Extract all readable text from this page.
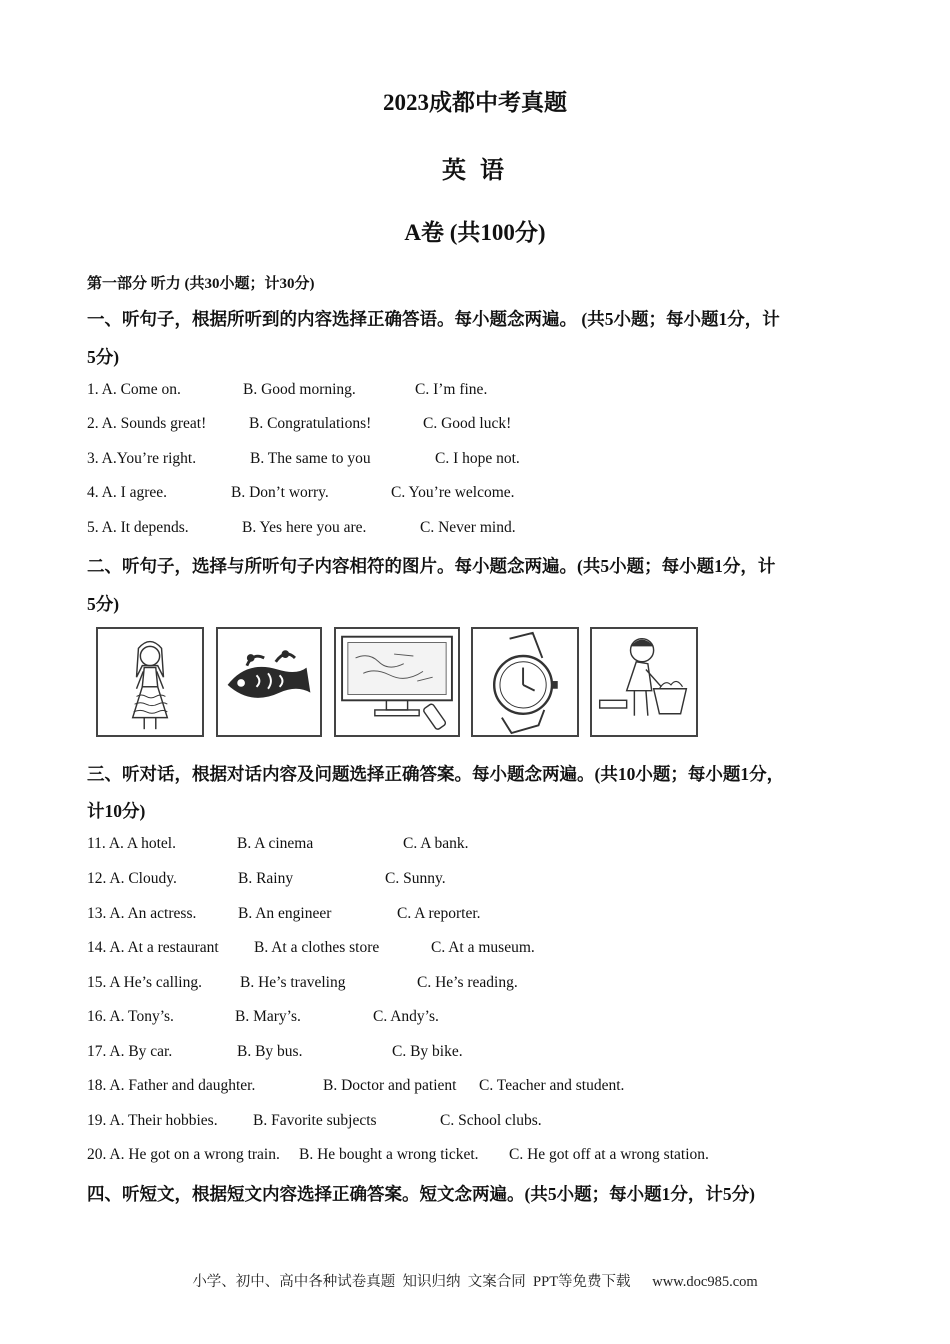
2023成都中考真题
英 语
A卷 (共100分)
第一部分 听力 (共30小题；计30分)
一、听句子，根据所听到的内容选择正确答语。每小题念两遍。 (共5小题；每小题1分，计
5分)
1. A. Come on.	B. Good morning.	C. I’m fine.
2. A. Sounds great!	B. Congratulations!	C. Good luck!
3. A.You’re right.	B. The same to you	C. I hope not.
4. A. I agree.	B. Don’t worry.	C. You’re welcome.
5. A. It depends.	B. Yes here you are.	C. Never mind.
二、听句子，选择与所听句子内容相符的图片。每小题念两遍。(共5小题；每小题1分，计
5分)
三、听对话，根据对话内容及问题选择正确答案。每小题念两遍。(共10小题；每小题1分，
计10分)
11. A. A hotel.	B. A cinema	C. A bank.
12. A. Cloudy.	B. Rainy	C. Sunny.
13. A. An actress.	B. An engineer	C. A reporter.
14. A. At a restaurant B. At a clothes store	C. At a museum.
15. A He’s calling. B. He’s traveling	C. He’s reading.
16. A. Tony’s.	B. Mary’s.	C. Andy’s.
17. A. By car.	B. By bus.	C. By bike.
18. A. Father and daughter.	B. Doctor and patient C. Teacher and student.
19. A. Their hobbies. B. Favorite subjects	C. School clubs.
20. A. He got on a wrong train. B. He bought a wrong ticket. C. He got off at a wrong station.
四、听短文，根据短文内容选择正确答案。短文念两遍。(共5小题；每小题1分，计5分)
小学、初中、高中各种试卷真题  知识归纳  文案合同  PPT等免费下载      www.doc985.com
